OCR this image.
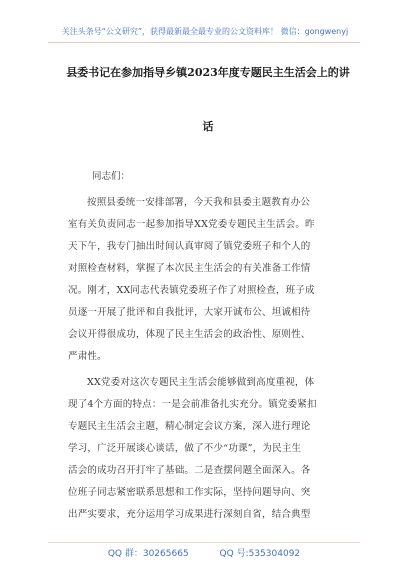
关注头条号“公文研究”，获得最新最全最专业的公文资料库！ 微信：gongwenyj
县委书记在参加指导乡镇2023年度专题民主生活会上的讲
话
同志们：
按照县委统一安排部署，今天我和县委主题教育办公
室有关负责同志一起参加指导XX党委专题民主生活会。昨
天下午，我专门抽出时间认真审阅了镇党委班子和个人的
对照检查材料，掌握了本次民主生活会的有关准备工作情
况。刚才，XX同志代表镇党委班子作了对照检查，班子成
员逐一开展了批评和自我批评，大家开诚布公、坦诚相待
会议开得很成功，体现了民主生活会的政治性、原则性、
严肃性。
XX党委对这次专题民主生活会能够做到高度重视，体
现了4个方面的特点：一是会前准备扎实充分。镇党委紧扣
专题民主生活会主题，精心制定会议方案，深入进行理论
学习，广泛开展谈心谈话，做了不少“功课”，为民主生
活会的成功召开打牢了基础。二是查摆问题全面深入。各
位班子同志紧密联系思想和工作实际，坚持问题导向、突
出严实要求，充分运用学习成果进行深刻自省，结合典型
QQ 群：30265665	QQ 号:535304092
